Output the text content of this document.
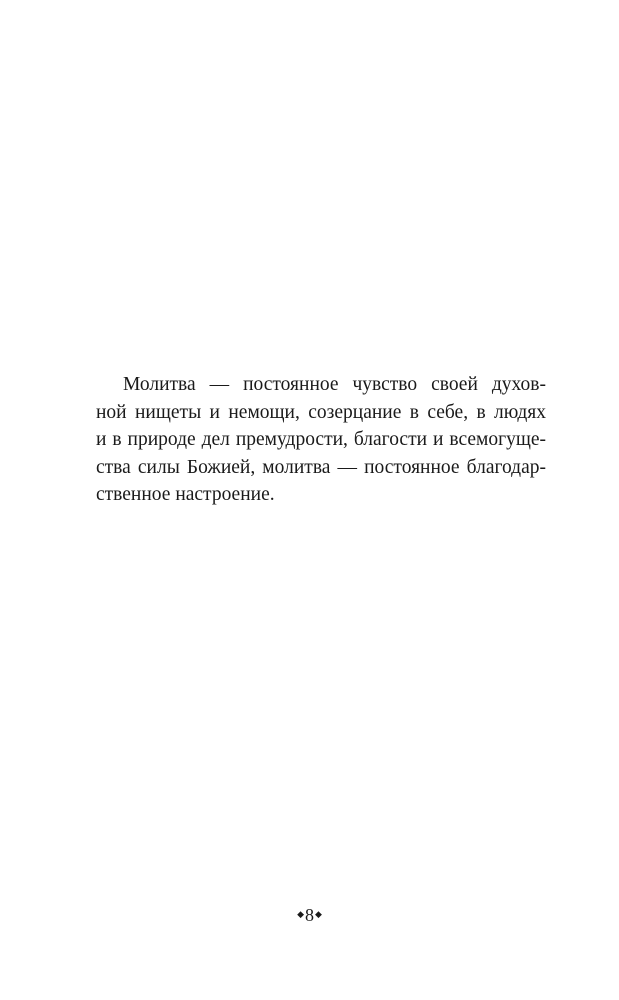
Молитва — постоянное чувство своей духов-
ной нищеты и немощи, созерцание в себе, в людях
и в природе дел премудрости, благости и всемогуще-
ства силы Божией, молитва — постоянное благодар-
ственное настроение.
◆8◆
